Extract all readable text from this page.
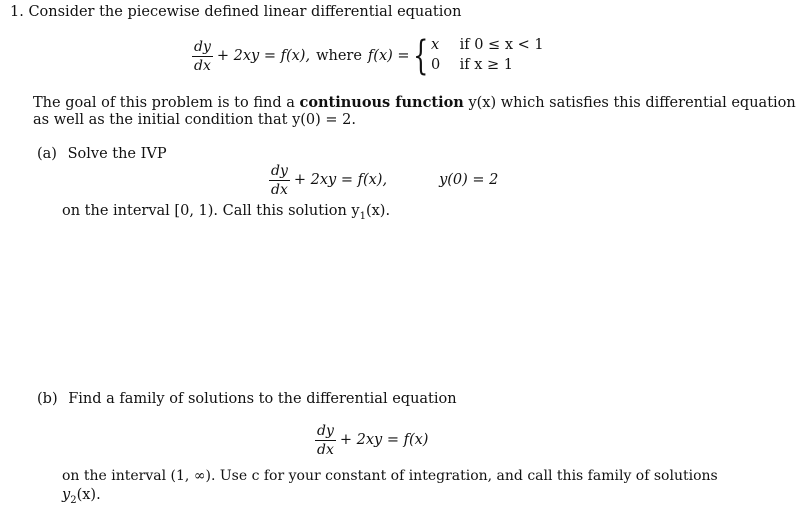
1. Consider the piecewise defined linear differential equation
$\frac{dy}{dx} + 2xy = f(x)$, where f(x) = { x if 0 ≤ x < 1
0 if x ≥ 1
The goal of this problem is to find a continuous function y(x) which satisfies this differential equation
as well as the initial condition that y(0) = 2.
(a) Solve the IVP
$\frac{dy}{dx} + 2xy = f(x)$,	y(0) = 2
on the interval [0, 1). Call this solution $y_1(x)$.
(b) Find a family of solutions to the differential equation
$\frac{dy}{dx} + 2xy = f(x)$
on the interval (1, ∞). Use c for your constant of integration, and call this family of solutions
$y_2(x)$.
